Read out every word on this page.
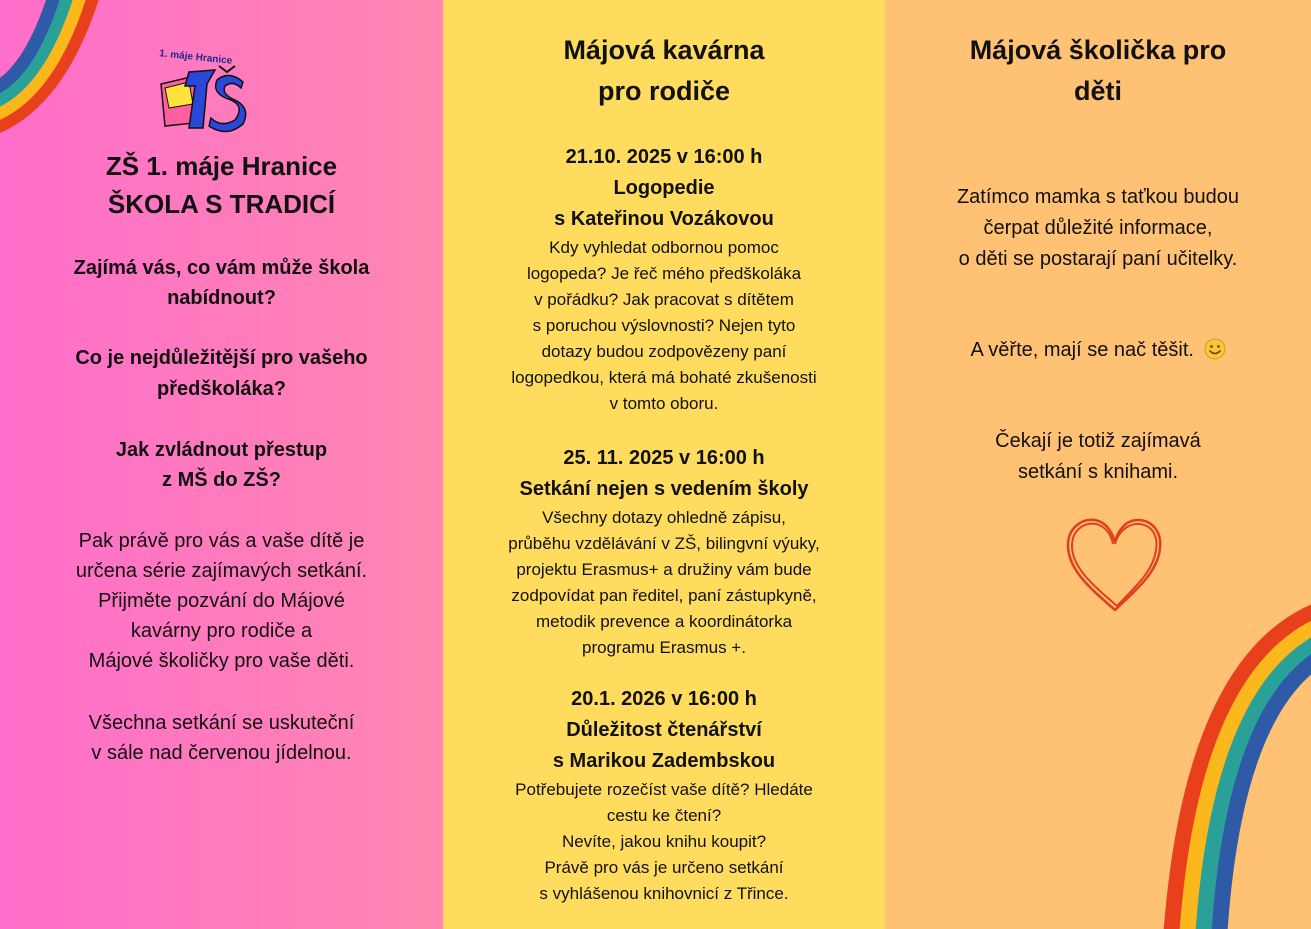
1. máje Hranice
ZŠ 1. máje Hranice
ŠKOLA S TRADICÍ
Zajímá vás, co vám může škola
nabídnout?
Co je nejdůležitější pro vašeho
předškoláka?
Jak zvládnout přestup
z MŠ do ZŠ?
Pak právě pro vás a vaše dítě je
určena série zajímavých setkání.
Přijměte pozvání do Májové
kavárny pro rodiče a
Májové školičky pro vaše děti.
Všechna setkání se uskuteční
v sále nad červenou jídelnou.
Májová kavárna
pro rodiče
21.10. 2025 v 16:00 h
Logopedie
s Kateřinou Vozákovou
Kdy vyhledat odbornou pomoc
logopeda? Je řeč mého předškoláka
v pořádku? Jak pracovat s dítětem
s poruchou výslovnosti? Nejen tyto
dotazy budou zodpovězeny paní
logopedkou, která má bohaté zkušenosti
v tomto oboru.
25. 11. 2025 v 16:00 h
Setkání nejen s vedením školy
Všechny dotazy ohledně zápisu,
průběhu vzdělávání v ZŠ, bilingvní výuky,
projektu Erasmus+ a družiny vám bude
zodpovídat pan ředitel, paní zástupkyně,
metodik prevence a koordinátorka
programu Erasmus +.
20.1. 2026 v 16:00 h
Důležitost čtenářství
s Marikou Zadembskou
Potřebujete rozečíst vaše dítě? Hledáte
cestu ke čtení?
Nevíte, jakou knihu koupit?
Právě pro vás je určeno setkání
s vyhlášenou knihovnicí z Třince.
Májová školička pro
děti
Zatímco mamka s taťkou budou
čerpat důležité informace,
o děti se postarají paní učitelky.
A věřte, mají se nač těšit.
Čekají je totiž zajímavá
setkání s knihami.
